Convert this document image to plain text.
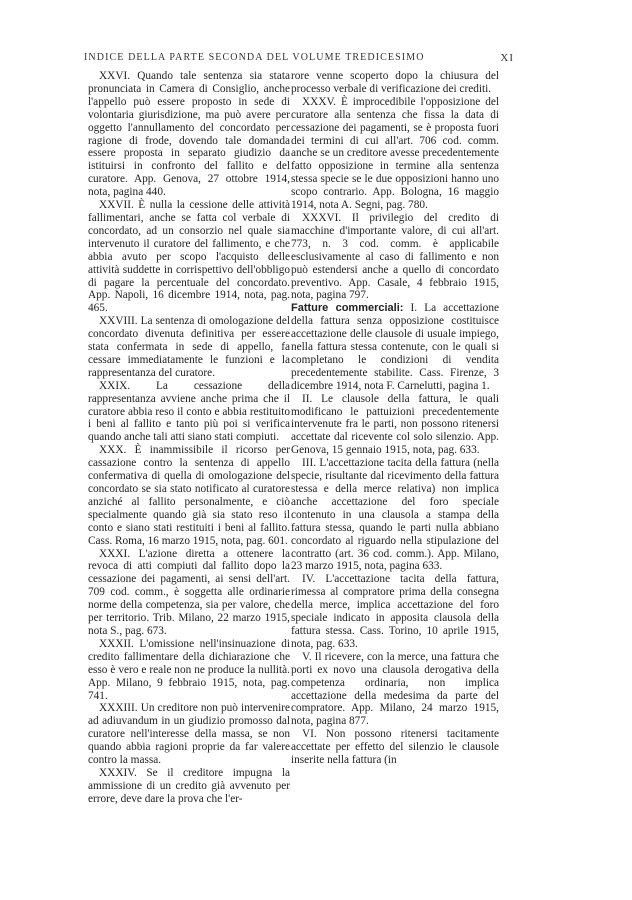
INDICE DELLA PARTE SECONDA DEL VOLUME TREDICESIMO	XI

XXVI. Quando tale sentenza sia stata pronunciata in Camera di Consiglio, anche l'appello può essere proposto in sede di volontaria giurisdizione, ma può avere per oggetto l'annullamento del concordato per ragione di frode, dovendo tale domanda essere proposta in separato giudizio da istituirsi in confronto del fallito e del curatore. App. Genova, 27 ottobre 1914, nota, pagina 440.

XXVII. È nulla la cessione delle attività fallimentari, anche se fatta col verbale di concordato, ad un consorzio nel quale sia intervenuto il curatore del fallimento, e che abbia avuto per scopo l'acquisto delle attività suddette in corrispettivo dell'obbligo di pagare la percentuale del concordato. App. Napoli, 16 dicembre 1914, nota, pag. 465.

XXVIII. La sentenza di omologazione del concordato divenuta definitiva per essere stata confermata in sede di appello, fa cessare immediatamente le funzioni e la rappresentanza del curatore.

XXIX. La cessazione della rappresentanza avviene anche prima che il curatore abbia reso il conto e abbia restituito i beni al fallito e tanto più poi si verifica quando anche tali atti siano stati compiuti.

XXX. È inammissibile il ricorso per cassazione contro la sentenza di appello confermativa di quella di omologazione del concordato se sia stato notificato al curatore anziché al fallito personalmente, e ciò specialmente quando già sia stato reso il conto e siano stati restituiti i beni al fallito. Cass. Roma, 16 marzo 1915, nota, pag. 601.

XXXI. L'azione diretta a ottenere la revoca di atti compiuti dal fallito dopo la cessazione dei pagamenti, ai sensi dell'art. 709 cod. comm., è soggetta alle ordinarie norme della competenza, sia per valore, che per territorio. Trib. Milano, 22 marzo 1915, nota S., pag. 673.

XXXII. L'omissione nell'insinuazione di credito fallimentare della dichiarazione che esso è vero e reale non ne produce la nullità. App. Milano, 9 febbraio 1915, nota, pag. 741.

XXXIII. Un creditore non può intervenire ad adiuvandum in un giudizio promosso dal curatore nell'interesse della massa, se non quando abbia ragioni proprie da far valere contro la massa.

XXXIV. Se il creditore impugna la ammissione di un credito già avvenuto per errore, deve dare la prova che l'er-

rore venne scoperto dopo la chiusura del processo verbale di verificazione dei crediti.

XXXV. È improcedibile l'opposizione del curatore alla sentenza che fissa la data di cessazione dei pagamenti, se è proposta fuori dei termini di cui all'art. 706 cod. comm. anche se un creditore avesse precedentemente fatto opposizione in termine alla sentenza stessa specie se le due opposizioni hanno uno scopo contrario. App. Bologna, 16 maggio 1914, nota A. Segni, pag. 780.

XXXVI. Il privilegio del credito di macchine d'importante valore, di cui all'art. 773, n. 3 cod. comm. è applicabile esclusivamente al caso di fallimento e non può estendersi anche a quello di concordato preventivo. App. Casale, 4 febbraio 1915, nota, pagina 797.

Fatture commerciali: I. La accettazione della fattura senza opposizione costituisce accettazione delle clausole di usuale impiego, nella fattura stessa contenute, con le quali si completano le condizioni di vendita precedentemente stabilite. Cass. Firenze, 3 dicembre 1914, nota F. Carnelutti, pagina 1.

II. Le clausole della fattura, le quali modificano le pattuizioni precedentemente intervenute fra le parti, non possono ritenersi accettate dal ricevente col solo silenzio. App. Genova, 15 gennaio 1915, nota, pag. 633.

III. L'accettazione tacita della fattura (nella specie, risultante dal ricevimento della fattura stessa e della merce relativa) non implica anche accettazione del foro speciale contenuto in una clausola a stampa della fattura stessa, quando le parti nulla abbiano concordato al riguardo nella stipulazione del contratto (art. 36 cod. comm.). App. Milano, 23 marzo 1915, nota, pagina 633.

IV. L'accettazione tacita della fattura, rimessa al compratore prima della consegna della merce, implica accettazione del foro speciale indicato in apposita clausola della fattura stessa. Cass. Torino, 10 aprile 1915, nota, pag. 633.

V. Il ricevere, con la merce, una fattura che porti ex novo una clausola derogativa della competenza ordinaria, non implica accettazione della medesima da parte del compratore. App. Milano, 24 marzo 1915, nota, pagina 877.

VI. Non possono ritenersi tacitamente accettate per effetto del silenzio le clausole inserite nella fattura (in
